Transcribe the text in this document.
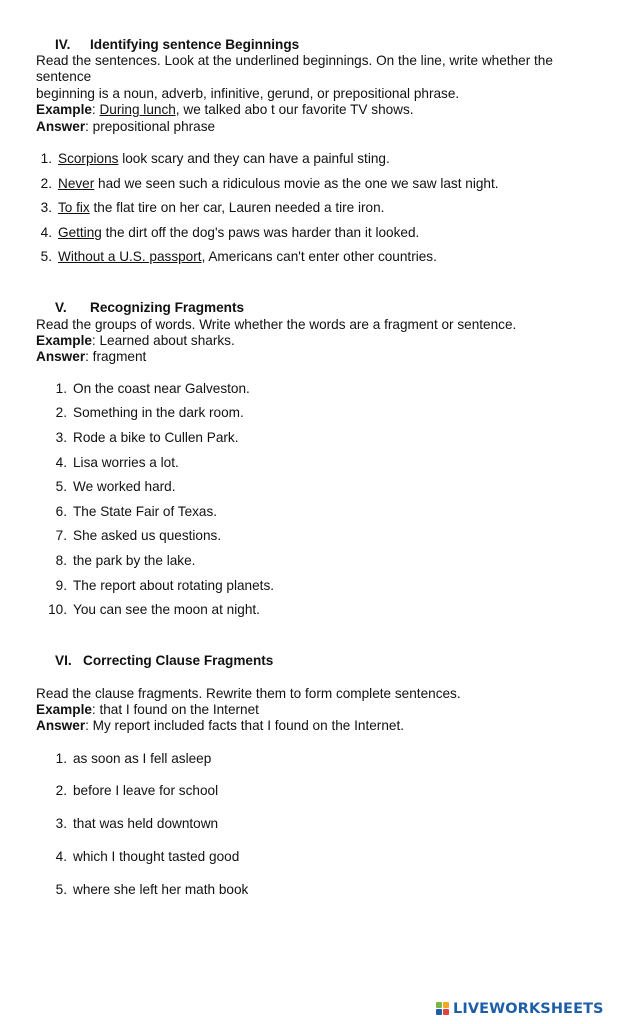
IV. Identifying sentence Beginnings
Read the sentences. Look at the underlined beginnings. On the line, write whether the
sentence
beginning is a noun, adverb, infinitive, gerund, or prepositional phrase.
Example: During lunch, we talked abo t our favorite TV shows.
Answer: prepositional phrase
1. Scorpions look scary and they can have a painful sting.
2. Never had we seen such a ridiculous movie as the one we saw last night.
3. To fix the flat tire on her car, Lauren needed a tire iron.
4. Getting the dirt off the dog's paws was harder than it looked.
5. Without a U.S. passport, Americans can't enter other countries.
V. Recognizing Fragments
Read the groups of words. Write whether the words are a fragment or sentence.
Example: Learned about sharks.
Answer: fragment
1. On the coast near Galveston.
2. Something in the dark room.
3. Rode a bike to Cullen Park.
4. Lisa worries a lot.
5. We worked hard.
6. The State Fair of Texas.
7. She asked us questions.
8. the park by the lake.
9. The report about rotating planets.
10. You can see the moon at night.
VI. Correcting Clause Fragments
Read the clause fragments. Rewrite them to form complete sentences.
Example: that I found on the Internet
Answer: My report included facts that I found on the Internet.
1. as soon as I fell asleep
2. before I leave for school
3. that was held downtown
4. which I thought tasted good
5. where she left her math book
LIVEWORKSHEETS
